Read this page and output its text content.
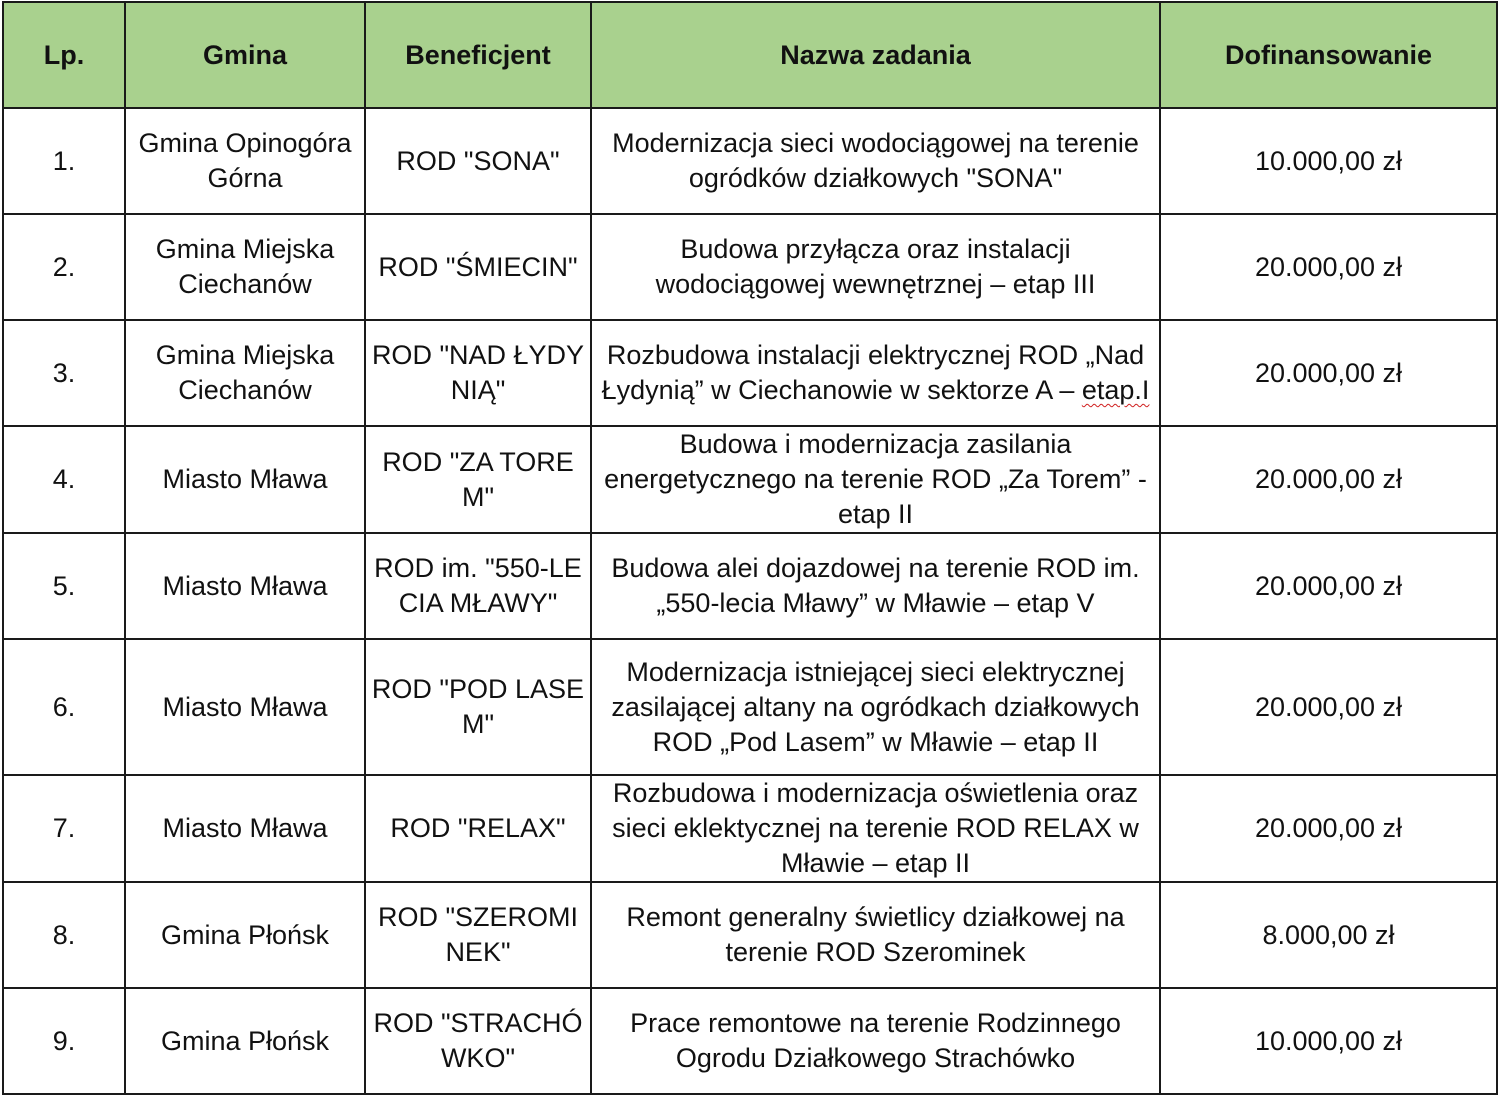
Lp.	Gmina	Beneficjent	Nazwa zadania	Dofinansowanie
1.	Gmina Opinogóra Górna	ROD "SONA"	Modernizacja sieci wodociągowej na terenie ogródków działkowych "SONA"	10.000,00 zł
2.	Gmina Miejska Ciechanów	ROD "ŚMIECIN"	Budowa przyłącza oraz instalacji wodociągowej wewnętrznej – etap III	20.000,00 zł
3.	Gmina Miejska Ciechanów	ROD "NAD ŁYDYNIĄ"	Rozbudowa instalacji elektrycznej ROD „Nad Łydynią” w Ciechanowie w sektorze A – etap.I	20.000,00 zł
4.	Miasto Mława	ROD "ZA TOREM"	Budowa i modernizacja zasilania energetycznego na terenie ROD „Za Torem” - etap II	20.000,00 zł
5.	Miasto Mława	ROD im. "550-LECIA MŁAWY"	Budowa alei dojazdowej na terenie ROD im. „550-lecia Mławy” w Mławie – etap V	20.000,00 zł
6.	Miasto Mława	ROD "POD LASEM"	Modernizacja istniejącej sieci elektrycznej zasilającej altany na ogródkach działkowych ROD „Pod Lasem” w Mławie – etap II	20.000,00 zł
7.	Miasto Mława	ROD "RELAX"	Rozbudowa i modernizacja oświetlenia oraz sieci eklektycznej na terenie ROD RELAX w Mławie – etap II	20.000,00 zł
8.	Gmina Płońsk	ROD "SZEROMINEK"	Remont generalny świetlicy działkowej na terenie ROD Szerominek	8.000,00 zł
9.	Gmina Płońsk	ROD "STRACHÓWKO"	Prace remontowe na terenie Rodzinnego Ogrodu Działkowego Strachówko	10.000,00 zł
